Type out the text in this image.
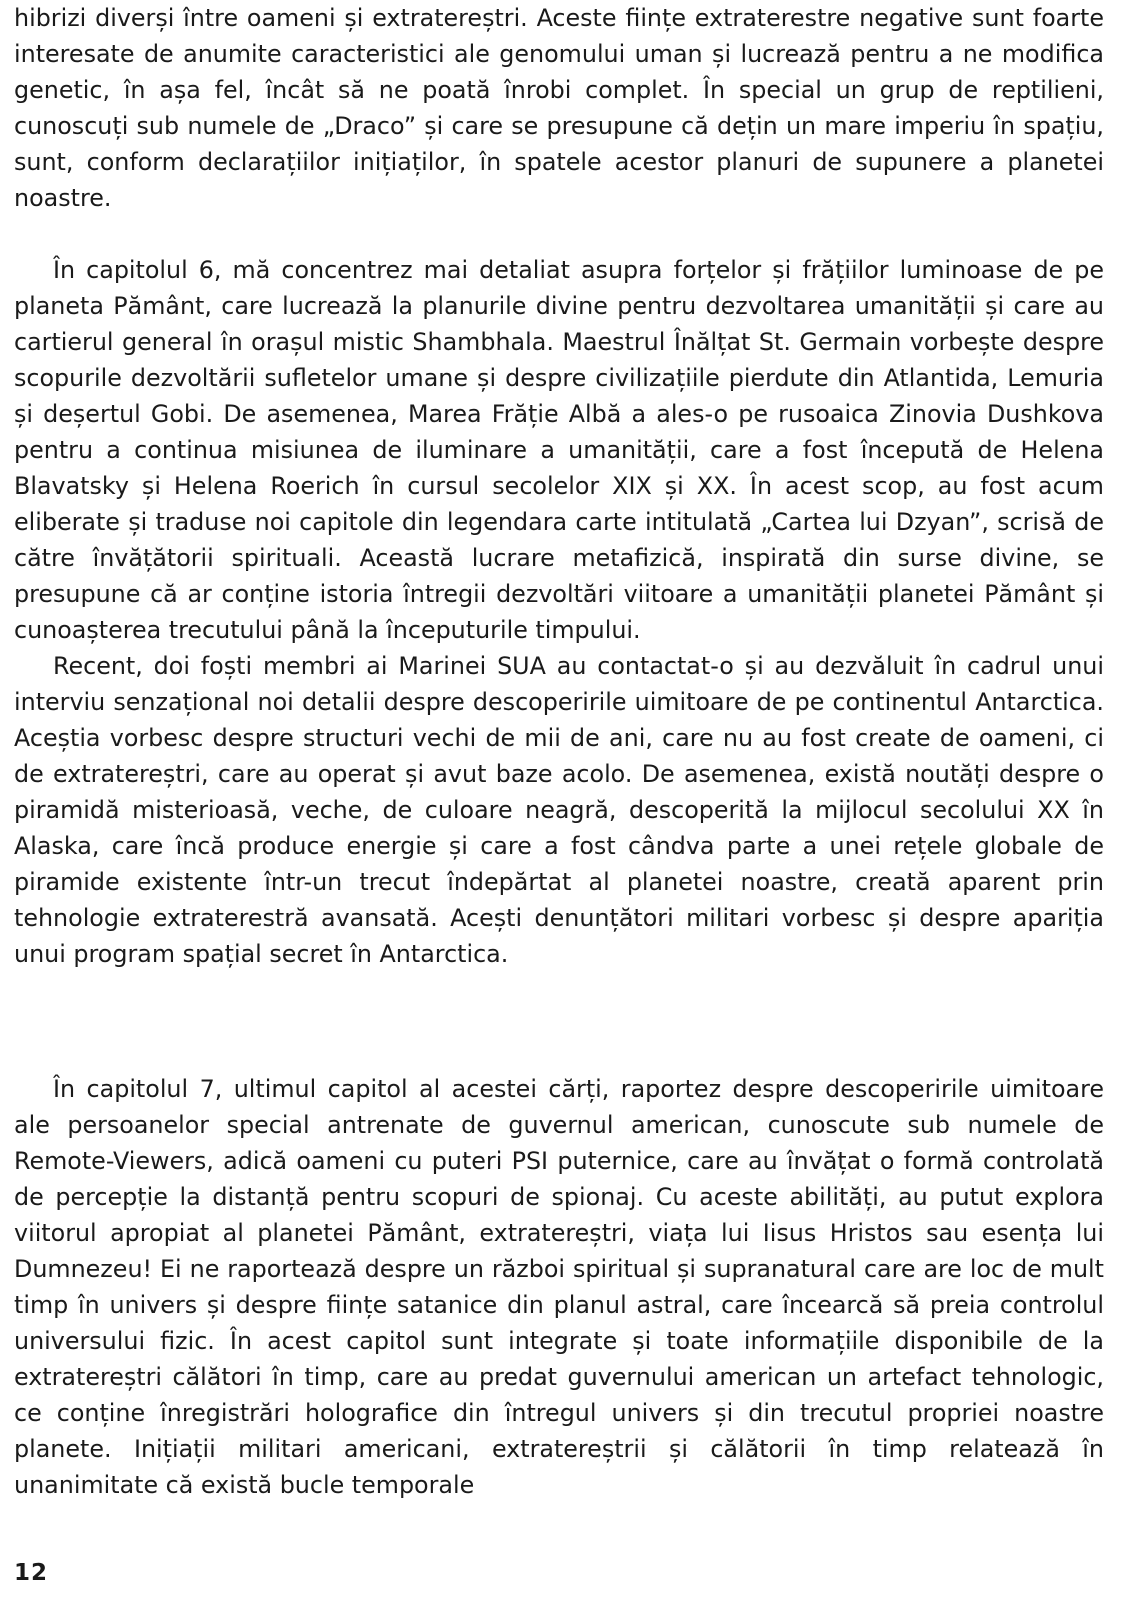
hibrizi diverși între oameni și extratereștri. Aceste ființe extraterestre negative sunt foarte interesate de anumite caracteristici ale genomului uman și lucrează pentru a ne modifica genetic, în așa fel, încât să ne poată înrobi complet. În special un grup de reptilieni, cunoscuți sub numele de „Draco” și care se presupune că dețin un mare imperiu în spațiu, sunt, conform declarațiilor inițiaților, în spatele acestor planuri de supunere a planetei noastre.

În capitolul 6, mă concentrez mai detaliat asupra forțelor și frățiilor luminoase de pe planeta Pământ, care lucrează la planurile divine pentru dezvoltarea umanității și care au cartierul general în orașul mistic Shambhala. Maestrul Înălțat St. Germain vorbește despre scopurile dezvoltării sufletelor umane și despre civilizațiile pierdute din Atlantida, Lemuria și deșertul Gobi. De asemenea, Marea Frăție Albă a ales-o pe rusoaica Zinovia Dushkova pentru a continua misiunea de iluminare a umanității, care a fost începută de Helena Blavatsky și Helena Roerich în cursul secolelor XIX și XX. În acest scop, au fost acum eliberate și traduse noi capitole din legendara carte intitulată „Cartea lui Dzyan”, scrisă de către învățătorii spirituali. Această lucrare metafizică, inspirată din surse divine, se presupune că ar conține istoria întregii dezvoltări viitoare a umanității planetei Pământ și cunoașterea trecutului până la începuturile timpului.

Recent, doi foști membri ai Marinei SUA au contactat-o și au dezvăluit în cadrul unui interviu senzațional noi detalii despre descoperirile uimitoare de pe continentul Antarctica. Aceștia vorbesc despre structuri vechi de mii de ani, care nu au fost create de oameni, ci de extratereștri, care au operat și avut baze acolo. De asemenea, există noutăți despre o piramidă misterioasă, veche, de culoare neagră, descoperită la mijlocul secolului XX în Alaska, care încă produce energie și care a fost cândva parte a unei rețele globale de piramide existente într-un trecut îndepărtat al planetei noastre, creată aparent prin tehnologie extraterestră avansată. Acești denunțători militari vorbesc și despre apariția unui program spațial secret în Antarctica.

În capitolul 7, ultimul capitol al acestei cărți, raportez despre descoperirile uimitoare ale persoanelor special antrenate de guvernul american, cunoscute sub numele de Remote-Viewers, adică oameni cu puteri PSI puternice, care au învățat o formă controlată de percepție la distanță pentru scopuri de spionaj. Cu aceste abilități, au putut explora viitorul apropiat al planetei Pământ, extratereștri, viața lui Iisus Hristos sau esența lui Dumnezeu! Ei ne raportează despre un război spiritual și supranatural care are loc de mult timp în univers și despre ființe satanice din planul astral, care încearcă să preia controlul universului fizic. În acest capitol sunt integrate și toate informațiile disponibile de la extratereștri călători în timp, care au predat guvernului american un artefact tehnologic, ce conține înregistrări holografice din întregul univers și din trecutul propriei noastre planete. Inițiații militari americani, extratereștrii și călătorii în timp relatează în unanimitate că există bucle temporale

12
